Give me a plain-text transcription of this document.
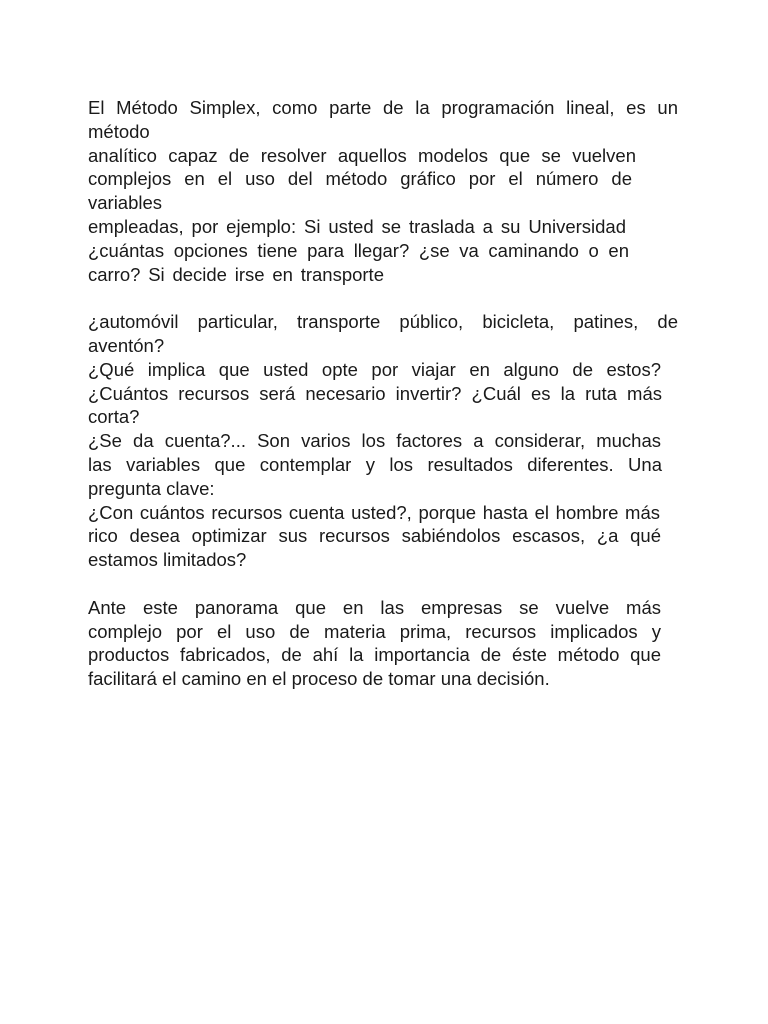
El Método Simplex, como parte de la programación lineal, es un método
analítico capaz de resolver aquellos modelos que se vuelven
complejos en el uso del método gráfico por el número de variables
empleadas, por ejemplo: Si usted se traslada a su Universidad
¿cuántas opciones tiene para llegar? ¿se va caminando o en
carro? Si decide irse en transporte
¿automóvil particular, transporte público, bicicleta, patines, de
aventón?
¿Qué implica que usted opte por viajar en alguno de estos?
¿Cuántos recursos será necesario invertir? ¿Cuál es la ruta más
corta?
¿Se da cuenta?... Son varios los factores a considerar, muchas
las variables que contemplar y los resultados diferentes. Una
pregunta clave:
¿Con cuántos recursos cuenta usted?, porque hasta el hombre más
rico desea optimizar sus recursos sabiéndolos escasos, ¿a qué
estamos limitados?
Ante este panorama que en las empresas se vuelve más
complejo por el uso de materia prima, recursos implicados y
productos fabricados, de ahí la importancia de éste método que
facilitará el camino en el proceso de tomar una decisión.
